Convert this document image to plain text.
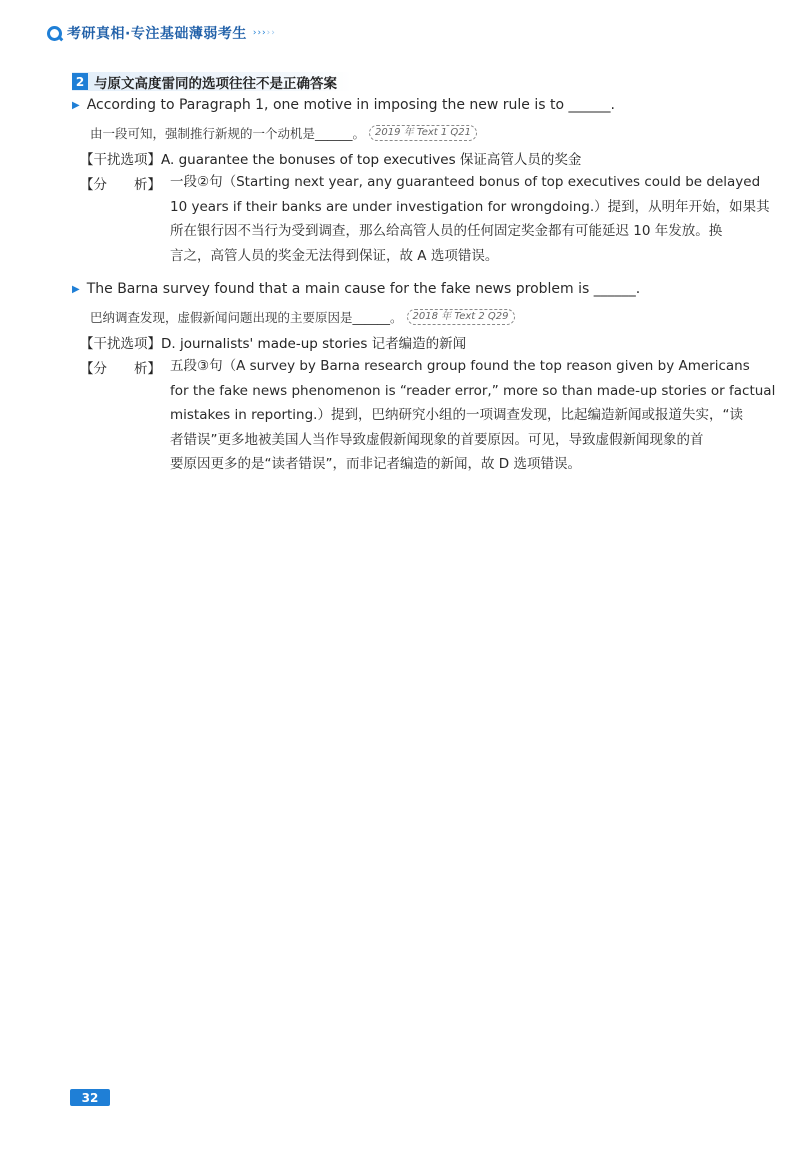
考研真相·专注基础薄弱考生 ›››››
2 与原文高度雷同的选项往往不是正确答案
▶ According to Paragraph 1, one motive in imposing the new rule is to ______.
由一段可知，强制推行新规的一个动机是______。	2019 年 Text 1 Q21
【干扰选项】A. guarantee the bonuses of top executives 保证高管人员的奖金
【分　　析】 一段②句（Starting next year, any guaranteed bonus of top executives could be delayed
10 years if their banks are under investigation for wrongdoing.）提到，从明年开始，如果其
所在银行因不当行为受到调查，那么给高管人员的任何固定奖金都有可能延迟 10 年发放。换
言之，高管人员的奖金无法得到保证，故 A 选项错误。
▶ The Barna survey found that a main cause for the fake news problem is ______.
巴纳调查发现，虚假新闻问题出现的主要原因是______。	2018 年 Text 2 Q29
【干扰选项】D. journalists' made-up stories 记者编造的新闻
【分　　析】 五段③句（A survey by Barna research group found the top reason given by Americans
for the fake news phenomenon is “reader error,” more so than made-up stories or factual
mistakes in reporting.）提到，巴纳研究小组的一项调查发现，比起编造新闻或报道失实，“读
者错误”更多地被美国人当作导致虚假新闻现象的首要原因。可见，导致虚假新闻现象的首
要原因更多的是“读者错误”，而非记者编造的新闻，故 D 选项错误。
32
